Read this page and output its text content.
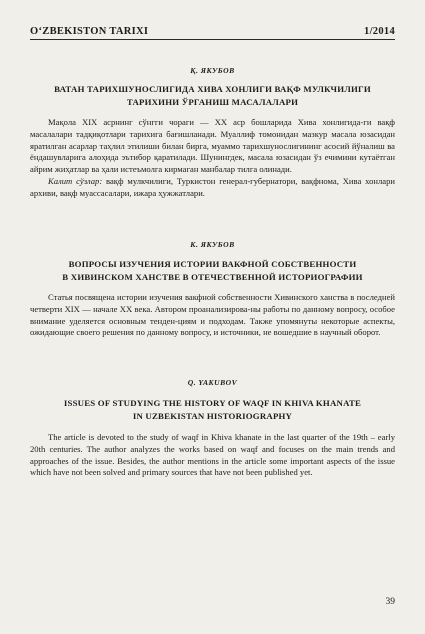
O‘ZBEKISTON TARIXI	1/2014
Қ. ЯКУБОВ
ВАТАН ТАРИХШУНОСЛИГИДА ХИВА ХОНЛИГИ ВАҚФ МУЛКЧИЛИГИ
ТАРИХИНИ ЎРГАНИШ МАСАЛАЛАРИ

Мақола XIX асрнинг сўнгги чораги — XX аср бошларида Хива хонлигида-ги вақф масалалари тадқиқотлари тарихига бағишланади. Муаллиф томонидан мазкур масала юзасидан яратилган асарлар таҳлил этилиши билан бирга, муаммо тарихшунослигининг асосий йўналиш ва ёндашувларига алоҳида эътибор қаратилади. Шунингдек, масала юзасидан ўз ечимини кутаётган айрим жиҳатлар ва ҳали истеъмолга кирмаган манбалар тилга олинади.

Калит сўзлар: вақф мулкчилиги, Туркистон генерал-губернатори, вақфнома, Хива хонлари архиви, вақф муассасалари, ижара ҳужжатлари.

К. ЯКУБОВ
ВОПРОСЫ ИЗУЧЕНИЯ ИСТОРИИ ВАКФНОЙ СОБСТВЕННОСТИ
В ХИВИНСКОМ ХАНСТВЕ В ОТЕЧЕСТВЕННОЙ ИСТОРИОГРАФИИ

Статья посвящена истории изучения вакфной собственности Хивинского ханства в последней четверти XIX — начале XX века. Автором проанализирова-ны работы по данному вопросу, особое внимание уделяется основным тенден-циям и подходам. Также упомянуты некоторые аспекты, ожидающие своего решения по данному вопросу, и источники, не вошедшие в научный оборот.

Q. YAKUBOV
ISSUES OF STUDYING THE HISTORY OF WAQF IN KHIVA KHANATE
IN UZBEKISTAN HISTORIOGRAPHY

The article is devoted to the study of waqf in Khiva khanate in the last quarter of the 19th – early 20th centuries. The author analyzes the works based on waqf and focuses on the main trends and approaches of the issue. Besides, the author mentions in the article some important aspects of the issue which have not been solved and primary sources that have not been published yet.

39
